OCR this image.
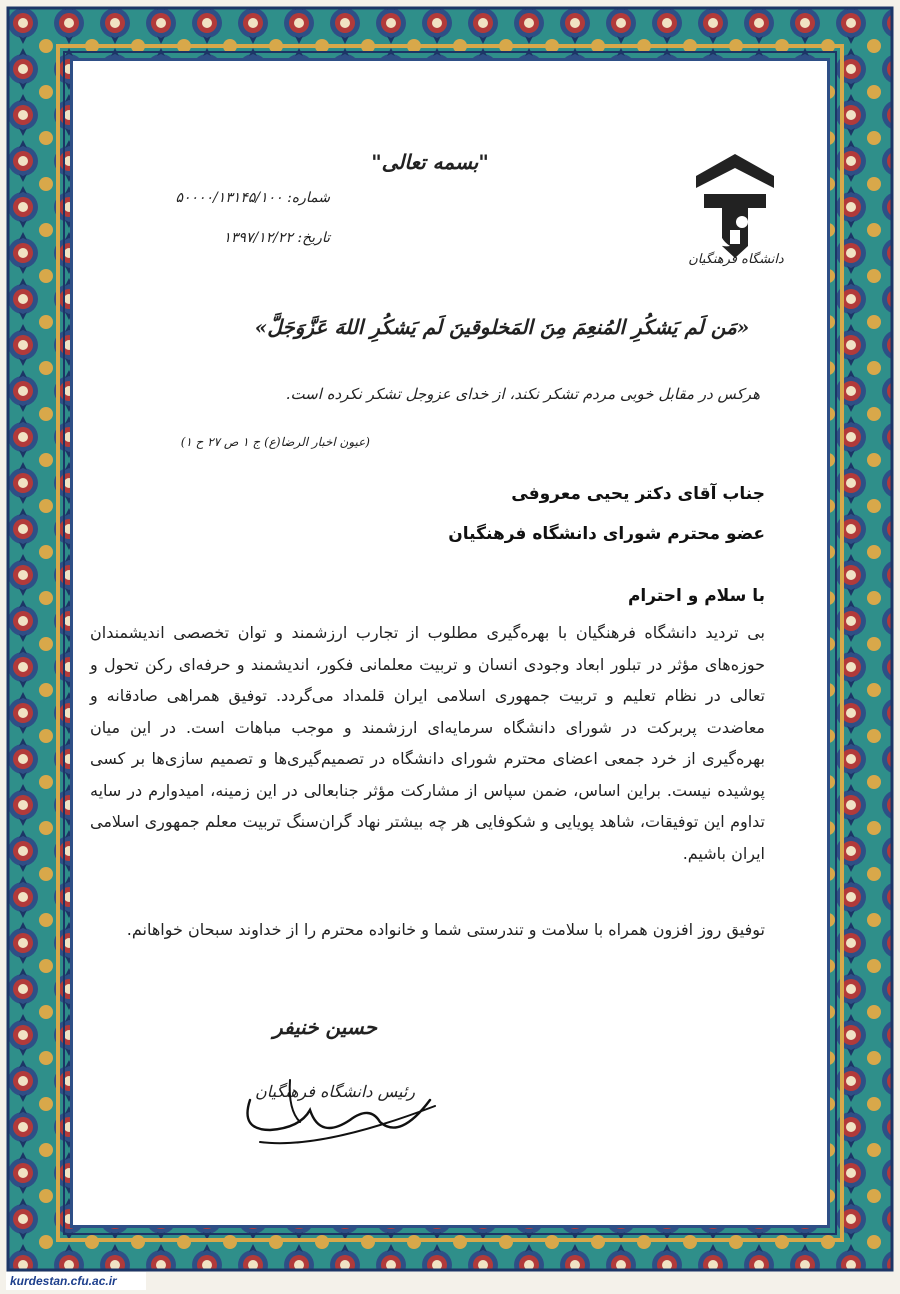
"بسمه تعالی"
دانشگاه فرهنگیان
شماره: ۵۰۰۰۰/۱۳۱۴۵/۱۰۰
تاریخ: ۱۳۹۷/۱۲/۲۲
«مَن لَم یَشکُرِ المُنعِمَ مِنَ المَخلوقینَ لَم یَشکُرِ اللهَ عَزَّوَجَلَّ»
هرکس در مقابل خوبی مردم تشکر نکند، از خدای عزوجل تشکر نکرده است.
(عیون اخبار الرضا(ع) ج ۱ ص ۲۷ ح ۱)
جناب آقای دکتر یحیی معروفی
عضو محترم شورای دانشگاه فرهنگیان
با سلام و احترام
بی تردید دانشگاه فرهنگیان با بهره‌گیری مطلوب از تجارب ارزشمند و توان تخصصی اندیشمندان حوزه‌های مؤثر در تبلور ابعاد وجودی انسان و تربیت معلمانی فکور، اندیشمند و حرفه‌ای رکن تحول و تعالی در نظام تعلیم و تربیت جمهوری اسلامی ایران قلمداد می‌گردد. توفیق همراهی صادقانه و معاضدت پربرکت در شورای دانشگاه سرمایه‌ای ارزشمند و موجب مباهات است. در این میان بهره‌گیری از خرد جمعی اعضای محترم شورای دانشگاه در تصمیم‌گیری‌ها و تصمیم سازی‌ها بر کسی پوشیده نیست. براین اساس، ضمن سپاس از مشارکت مؤثر جنابعالی در این زمینه، امیدوارم در سایه تداوم این توفیقات، شاهد پویایی و شکوفایی هر چه بیشتر نهاد گران‌سنگ تربیت معلم جمهوری اسلامی ایران باشیم.
توفیق روز افزون همراه با سلامت و تندرستی شما و خانواده محترم را از خداوند سبحان خواهانم.
حسین خنیفر
رئیس دانشگاه فرهنگیان
kurdestan.cfu.ac.ir
